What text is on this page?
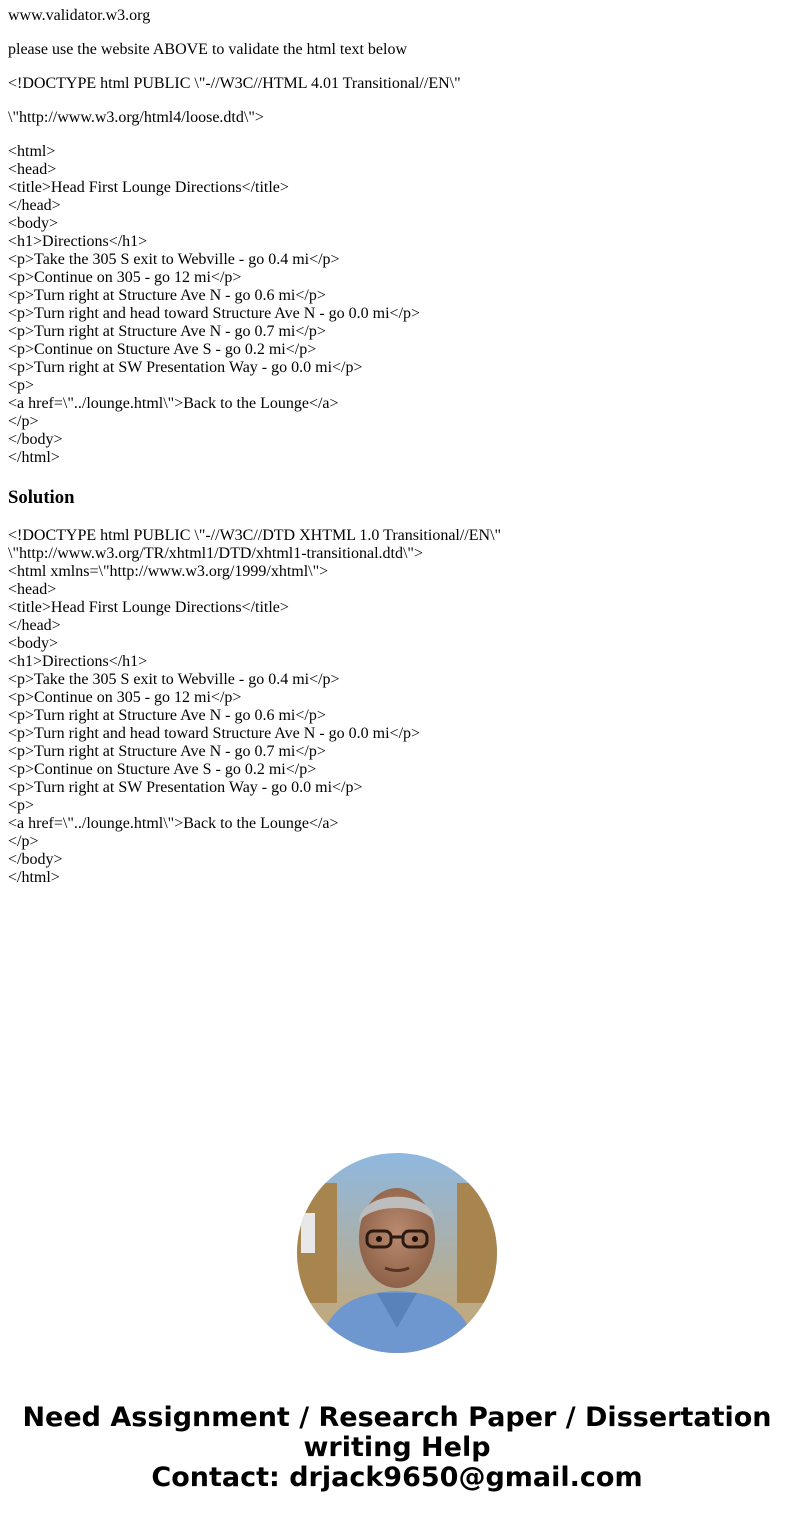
www.validator.w3.org

please use the website ABOVE to validate the html text below

<!DOCTYPE html PUBLIC \"-//W3C//HTML 4.01 Transitional//EN\"

\"http://www.w3.org/html4/loose.dtd\">

<html>

<head>

<title>Head First Lounge Directions</title>

</head>

<body>

<h1>Directions</h1>

<p>Take the 305 S exit to Webville - go 0.4 mi</p>

<p>Continue on 305 - go 12 mi</p>

<p>Turn right at Structure Ave N - go 0.6 mi</p>

<p>Turn right and head toward Structure Ave N - go 0.0 mi</p>

<p>Turn right at Structure Ave N - go 0.7 mi</p>

<p>Continue on Stucture Ave S - go 0.2 mi</p>

<p>Turn right at SW Presentation Way - go 0.0 mi</p>

<p>

<a href=\"../lounge.html\">Back to the Lounge</a>

</p>

</body>

</html>

Solution

<!DOCTYPE html PUBLIC \"-//W3C//DTD XHTML 1.0 Transitional//EN\"

\"http://www.w3.org/TR/xhtml1/DTD/xhtml1-transitional.dtd\">

<html xmlns=\"http://www.w3.org/1999/xhtml\">

<head>

<title>Head First Lounge Directions</title>

</head>

<body>

<h1>Directions</h1>

<p>Take the 305 S exit to Webville - go 0.4 mi</p>

<p>Continue on 305 - go 12 mi</p>

<p>Turn right at Structure Ave N - go 0.6 mi</p>

<p>Turn right and head toward Structure Ave N - go 0.0 mi</p>

<p>Turn right at Structure Ave N - go 0.7 mi</p>

<p>Continue on Stucture Ave S - go 0.2 mi</p>

<p>Turn right at SW Presentation Way - go 0.0 mi</p>

<p>

<a href=\"../lounge.html\">Back to the Lounge</a>

</p>

</body>

</html>

Need Assignment / Research Paper / Dissertation
writing Help
Contact: drjack9650@gmail.com
